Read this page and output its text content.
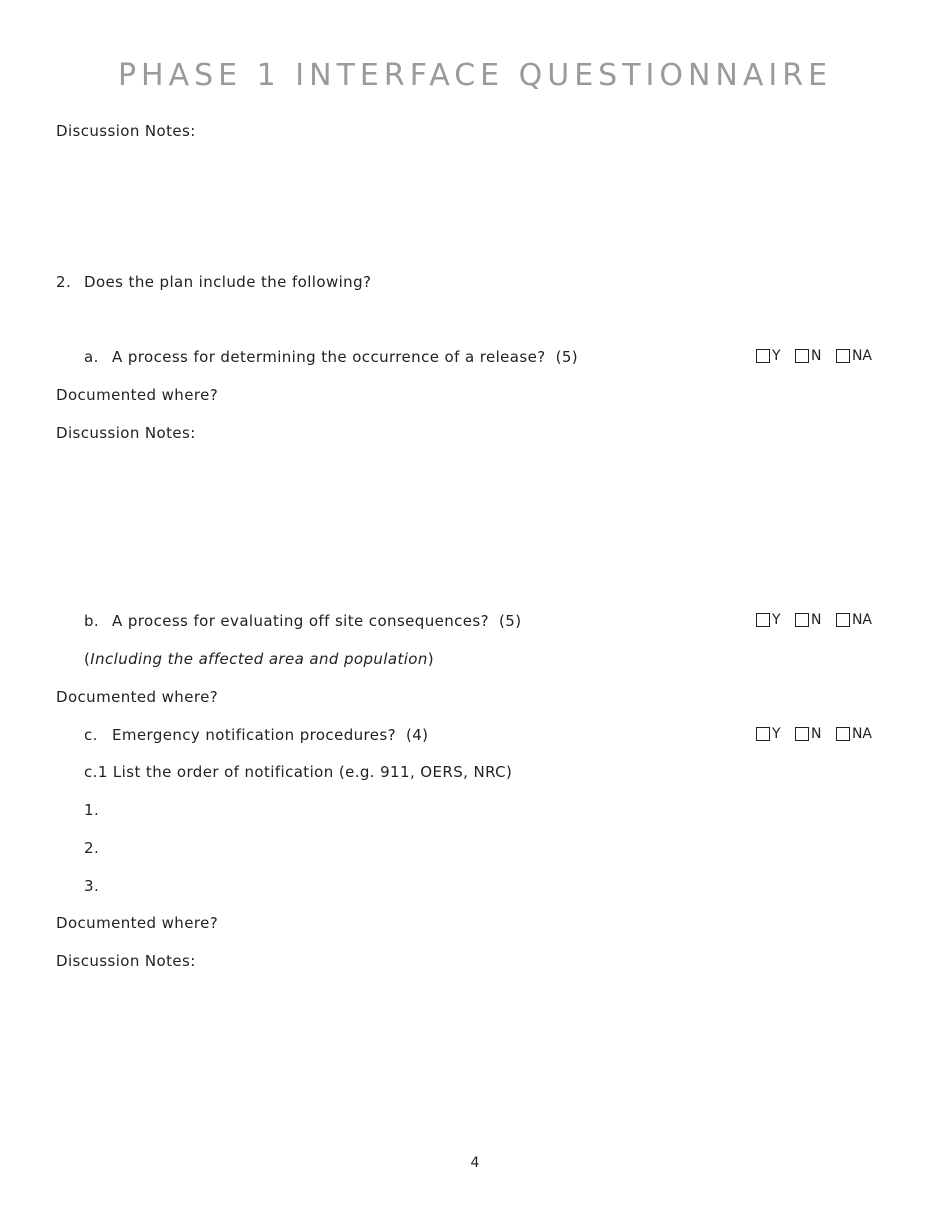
PHASE 1 INTERFACE QUESTIONNAIRE
Discussion Notes:
2. Does the plan include the following?
a. A process for determining the occurrence of a release? (5)	Y N NA
Documented where?
Discussion Notes:
b. A process for evaluating off site consequences? (5)	Y N NA
(Including the affected area and population)
Documented where?
c. Emergency notification procedures? (4)	Y N NA
c.1 List the order of notification (e.g. 911, OERS, NRC)
1.
2.
3.
Documented where?
Discussion Notes:
4
